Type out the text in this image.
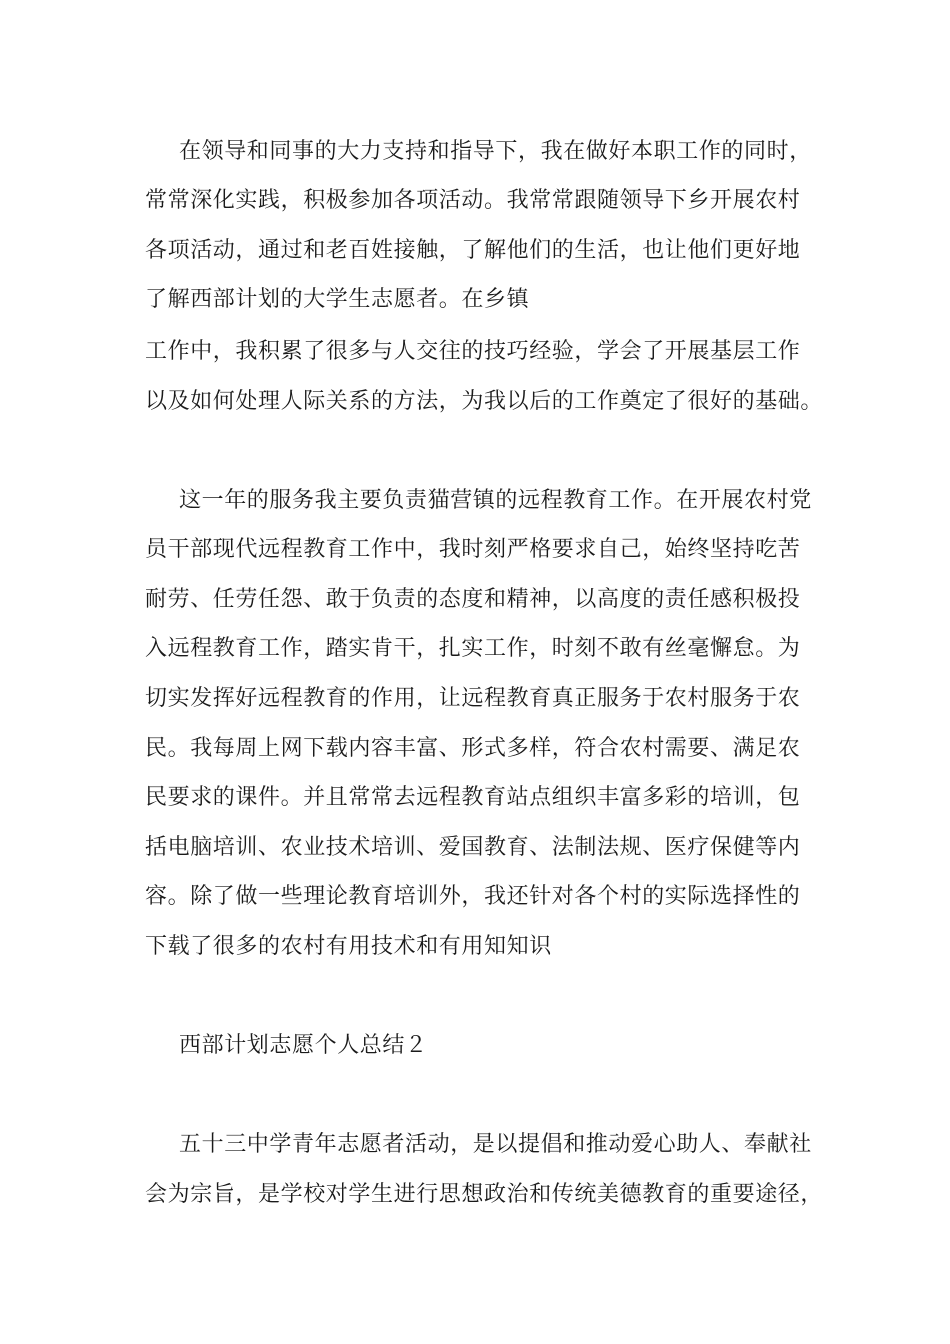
在领导和同事的大力支持和指导下，我在做好本职工作的同时，
常常深化实践，积极参加各项活动。我常常跟随领导下乡开展农村
各项活动，通过和老百姓接触，了解他们的生活，也让他们更好地
了解西部计划的大学生志愿者。在乡镇
工作中，我积累了很多与人交往的技巧经验，学会了开展基层工作
以及如何处理人际关系的方法，为我以后的工作奠定了很好的基础。
这一年的服务我主要负责猫营镇的远程教育工作。在开展农村党
员干部现代远程教育工作中，我时刻严格要求自己，始终坚持吃苦
耐劳、任劳任怨、敢于负责的态度和精神，以高度的责任感积极投
入远程教育工作，踏实肯干，扎实工作，时刻不敢有丝毫懈怠。为
切实发挥好远程教育的作用，让远程教育真正服务于农村服务于农
民。我每周上网下载内容丰富、形式多样，符合农村需要、满足农
民要求的课件。并且常常去远程教育站点组织丰富多彩的培训，包
括电脑培训、农业技术培训、爱国教育、法制法规、医疗保健等内
容。除了做一些理论教育培训外，我还针对各个村的实际选择性的
下载了很多的农村有用技术和有用知知识
西部计划志愿个人总结２
五十三中学青年志愿者活动，是以提倡和推动爱心助人、奉献社
会为宗旨，是学校对学生进行思想政治和传统美德教育的重要途径，
